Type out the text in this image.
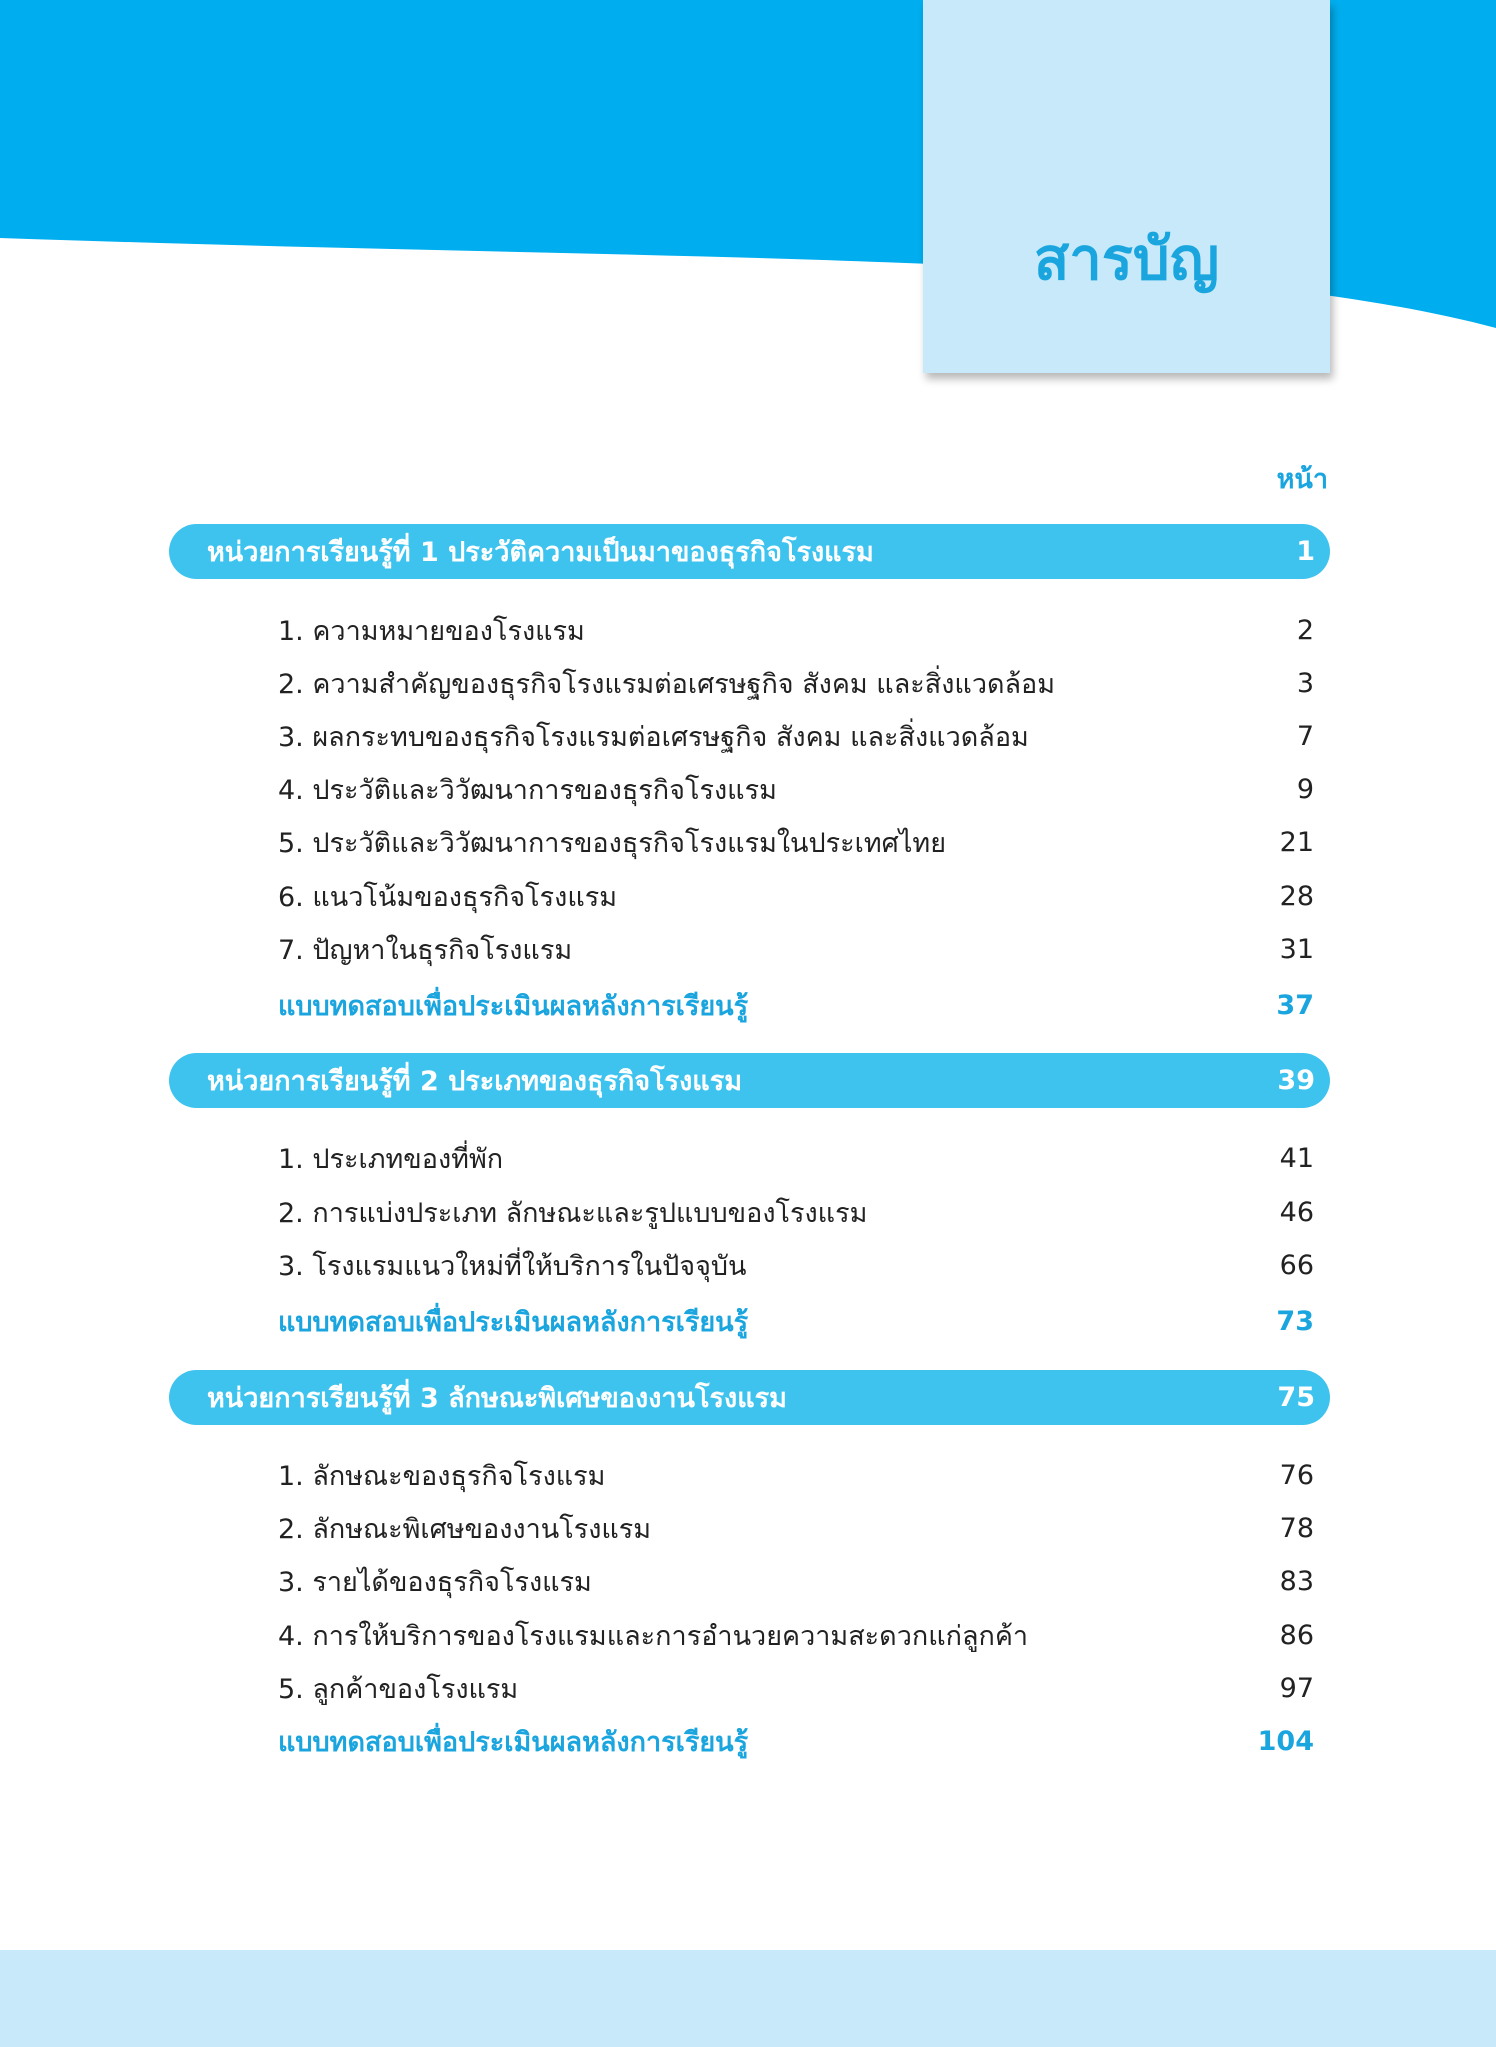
สารบัญ
หน้า
หน่วยการเรียนรู้ที่ 1 ประวัติความเป็นมาของธุรกิจโรงแรม	1
1. ความหมายของโรงแรม	2
2. ความสำคัญของธุรกิจโรงแรมต่อเศรษฐกิจ สังคม และสิ่งแวดล้อม	3
3. ผลกระทบของธุรกิจโรงแรมต่อเศรษฐกิจ สังคม และสิ่งแวดล้อม	7
4. ประวัติและวิวัฒนาการของธุรกิจโรงแรม	9
5. ประวัติและวิวัฒนาการของธุรกิจโรงแรมในประเทศไทย	21
6. แนวโน้มของธุรกิจโรงแรม	28
7. ปัญหาในธุรกิจโรงแรม	31
แบบทดสอบเพื่อประเมินผลหลังการเรียนรู้	37
หน่วยการเรียนรู้ที่ 2 ประเภทของธุรกิจโรงแรม	39
1. ประเภทของที่พัก	41
2. การแบ่งประเภท ลักษณะและรูปแบบของโรงแรม	46
3. โรงแรมแนวใหม่ที่ให้บริการในปัจจุบัน	66
แบบทดสอบเพื่อประเมินผลหลังการเรียนรู้	73
หน่วยการเรียนรู้ที่ 3 ลักษณะพิเศษของงานโรงแรม	75
1. ลักษณะของธุรกิจโรงแรม	76
2. ลักษณะพิเศษของงานโรงแรม	78
3. รายได้ของธุรกิจโรงแรม	83
4. การให้บริการของโรงแรมและการอำนวยความสะดวกแก่ลูกค้า	86
5. ลูกค้าของโรงแรม	97
แบบทดสอบเพื่อประเมินผลหลังการเรียนรู้	104
